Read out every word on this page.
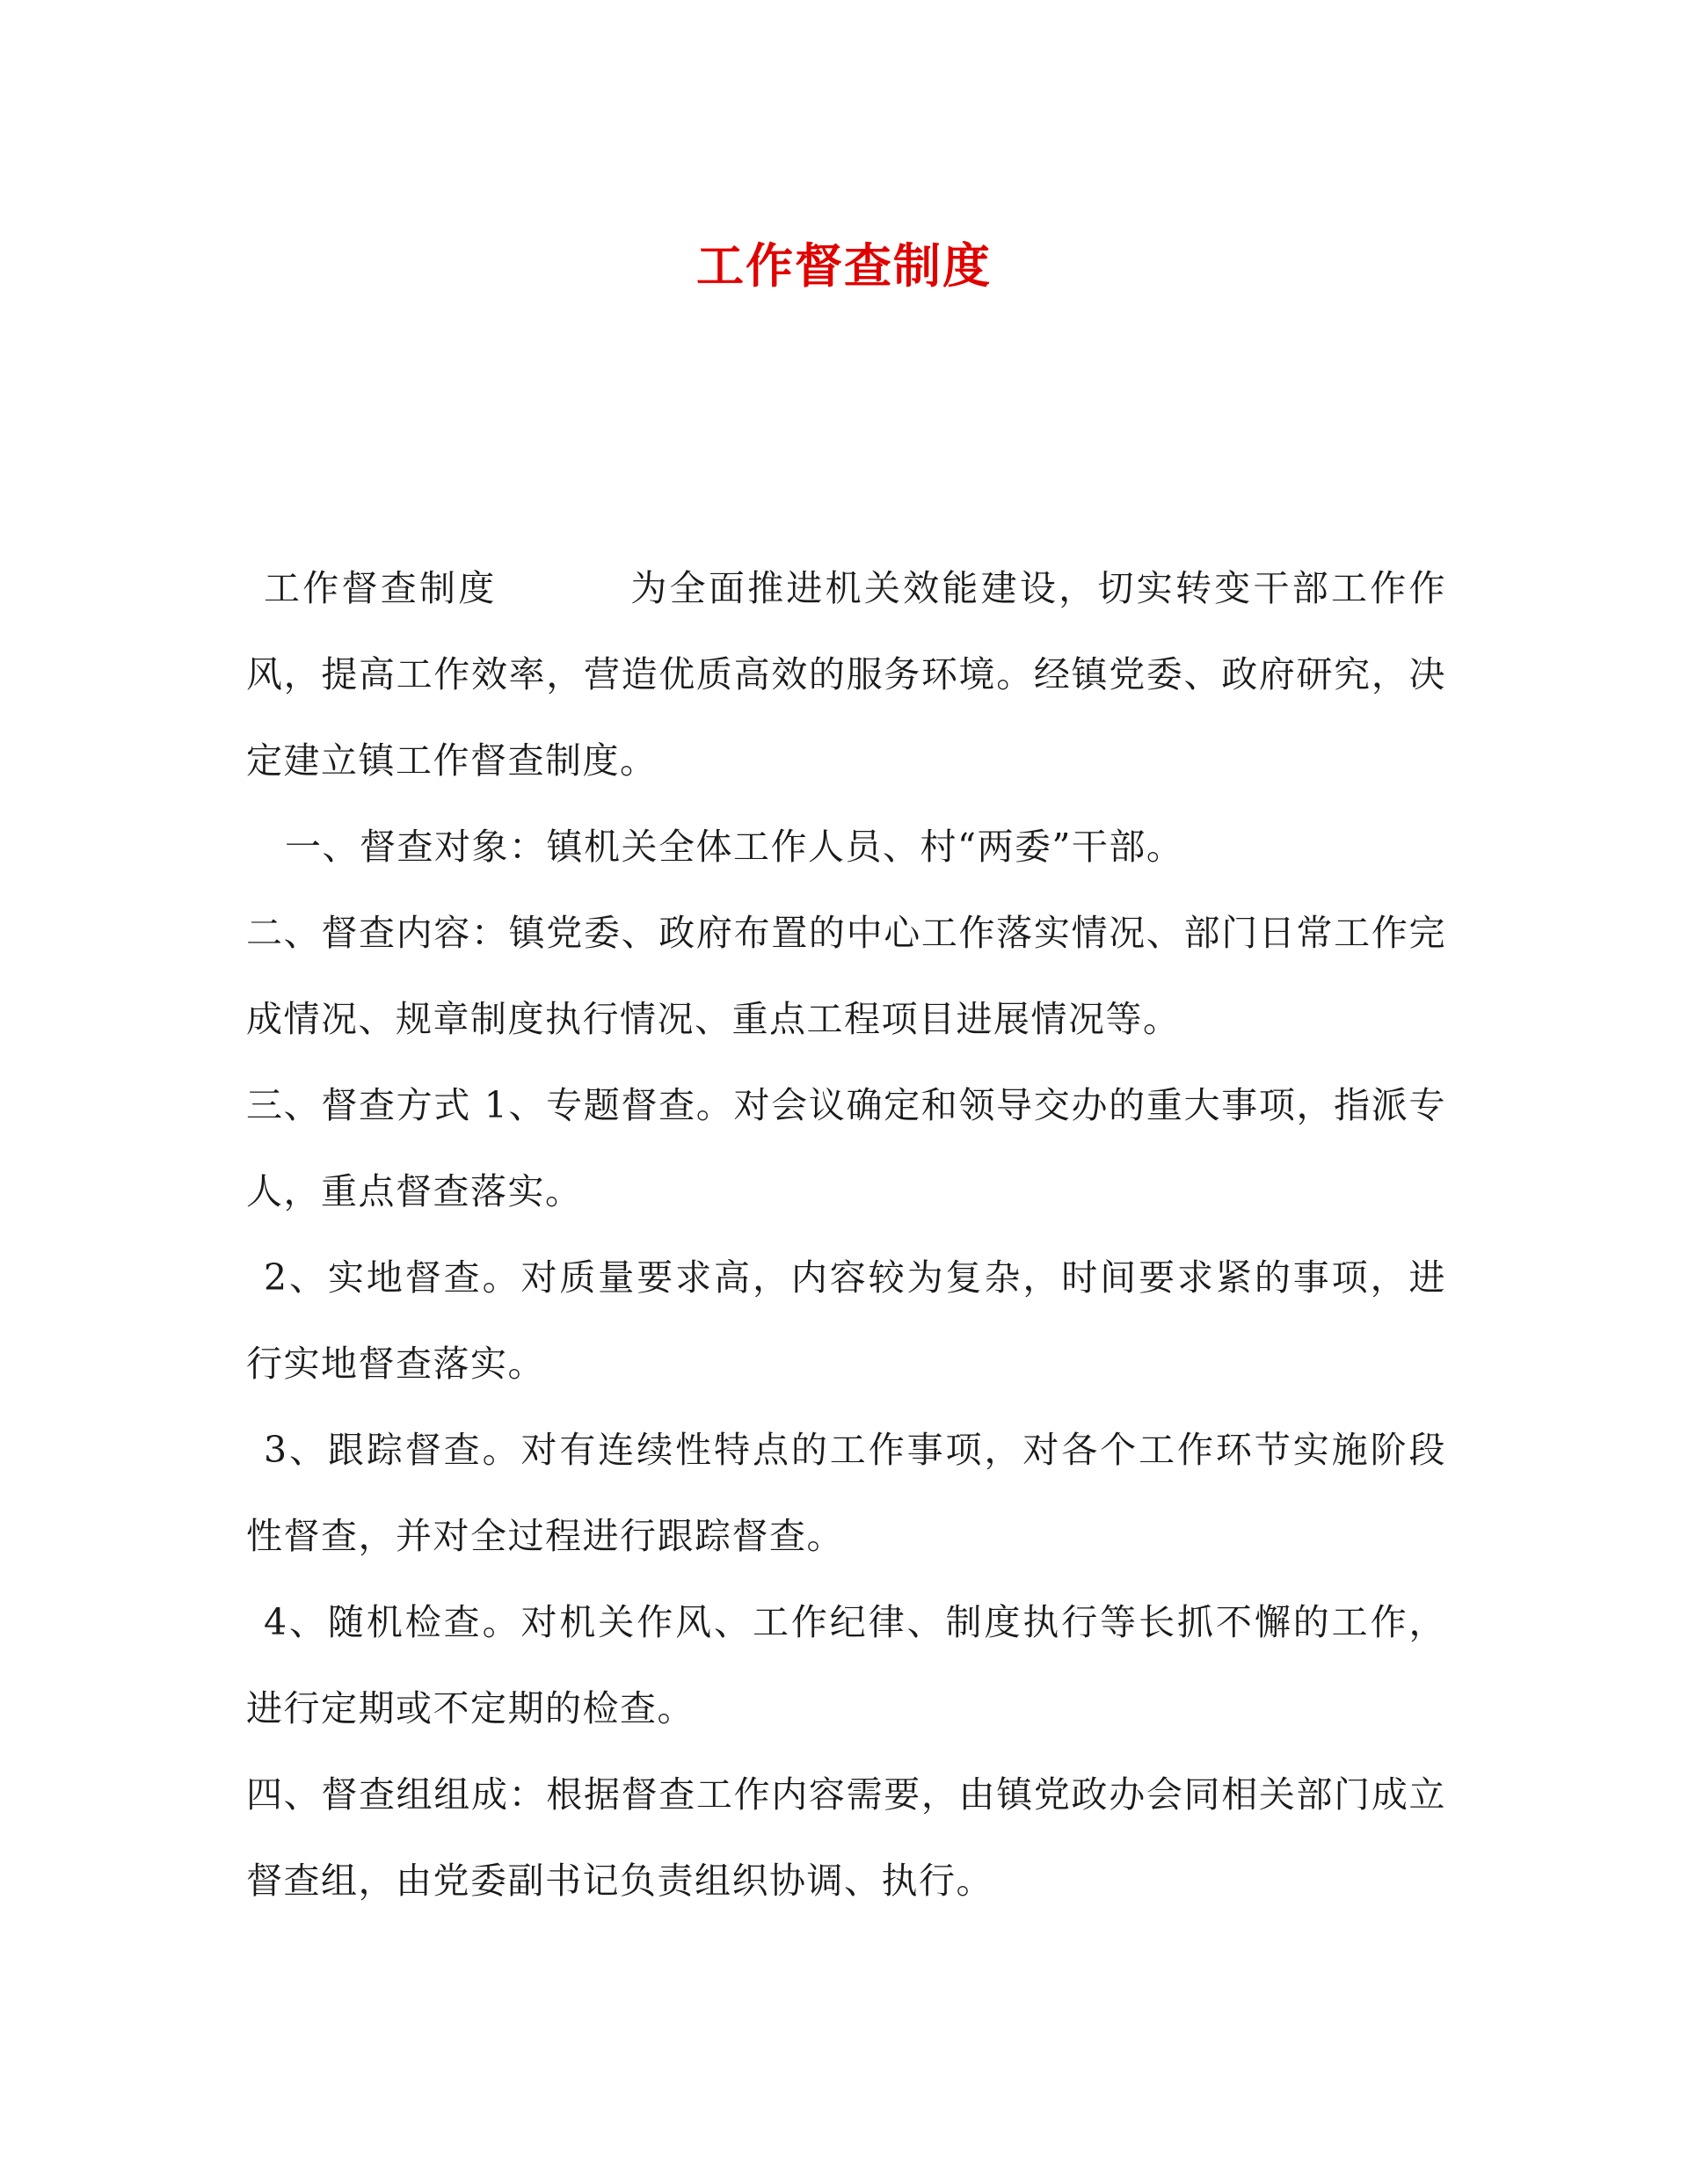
工作督查制度

工作督查制度	为全面推进机关效能建设，切实转变干部工作作风，提高工作效率，营造优质高效的服务环境。经镇党委、政府研究，决定建立镇工作督查制度。

一、督查对象：镇机关全体工作人员、村“两委”干部。

二、督查内容：镇党委、政府布置的中心工作落实情况、部门日常工作完成情况、规章制度执行情况、重点工程项目进展情况等。

三、督查方式 1、专题督查。对会议确定和领导交办的重大事项，指派专人，重点督查落实。

2、实地督查。对质量要求高，内容较为复杂，时间要求紧的事项，进行实地督查落实。

3、跟踪督查。对有连续性特点的工作事项，对各个工作环节实施阶段性督查，并对全过程进行跟踪督查。

4、随机检查。对机关作风、工作纪律、制度执行等长抓不懈的工作，进行定期或不定期的检查。

四、督查组组成：根据督查工作内容需要，由镇党政办会同相关部门成立督查组，由党委副书记负责组织协调、执行。
